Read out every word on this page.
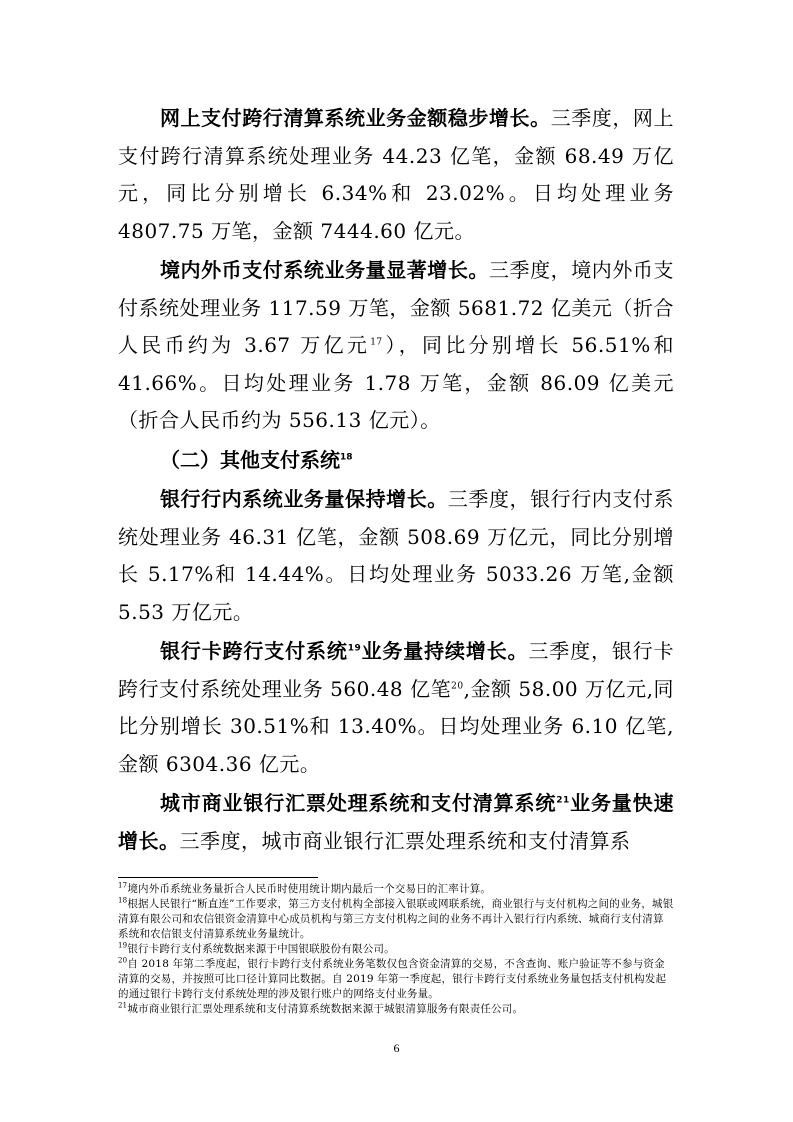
网上支付跨行清算系统业务金额稳步增长。三季度，网上支付跨行清算系统处理业务 44.23 亿笔，金额 68.49 万亿元，同比分别增长 6.34%和 23.02%。日均处理业务 4807.75 万笔，金额 7444.60 亿元。

境内外币支付系统业务量显著增长。三季度，境内外币支付系统处理业务 117.59 万笔，金额 5681.72 亿美元（折合人民币约为 3.67 万亿元$^{17}$），同比分别增长 56.51%和 41.66%。日均处理业务 1.78 万笔，金额 86.09 亿美元（折合人民币约为 556.13 亿元）。

（二）其他支付系统$^{18}$

银行行内系统业务量保持增长。三季度，银行行内支付系统处理业务 46.31 亿笔，金额 508.69 万亿元，同比分别增长 5.17%和 14.44%。日均处理业务 5033.26 万笔,金额 5.53 万亿元。

银行卡跨行支付系统$^{19}$业务量持续增长。三季度，银行卡跨行支付系统处理业务 560.48 亿笔$^{20}$,金额 58.00 万亿元,同比分别增长 30.51%和 13.40%。日均处理业务 6.10 亿笔,金额 6304.36 亿元。

城市商业银行汇票处理系统和支付清算系统$^{21}$业务量快速增长。三季度，城市商业银行汇票处理系统和支付清算系

$^{17}$境内外币系统业务量折合人民币时使用统计期内最后一个交易日的汇率计算。

$^{18}$根据人民银行“断直连”工作要求，第三方支付机构全部接入银联或网联系统，商业银行与支付机构之间的业务，城银清算有限公司和农信银资金清算中心成员机构与第三方支付机构之间的业务不再计入银行行内系统、城商行支付清算系统和农信银支付清算系统业务量统计。

$^{19}$银行卡跨行支付系统数据来源于中国银联股份有限公司。

$^{20}$自 2018 年第二季度起，银行卡跨行支付系统业务笔数仅包含资金清算的交易，不含查询、账户验证等不参与资金清算的交易，并按照可比口径计算同比数据。自 2019 年第一季度起，银行卡跨行支付系统业务量包括支付机构发起的通过银行卡跨行支付系统处理的涉及银行账户的网络支付业务量。

$^{21}$城市商业银行汇票处理系统和支付清算系统数据来源于城银清算服务有限责任公司。

6
